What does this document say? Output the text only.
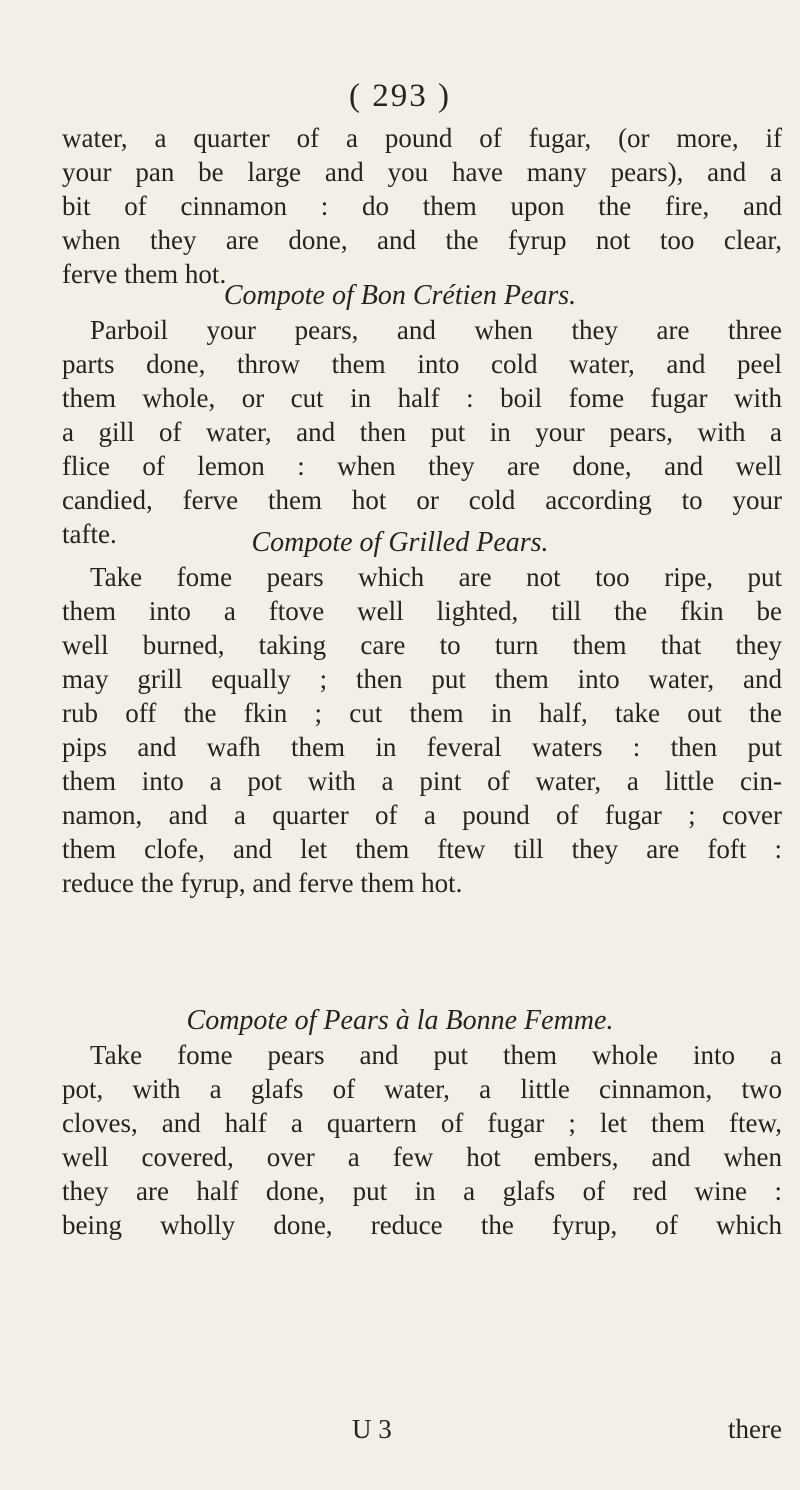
( 293 )
water, a quarter of a pound of fugar, (or more, if
your pan be large and you have many pears), and a
bit of cinnamon : do them upon the fire, and
when they are done, and the fyrup not too clear,
ferve them hot.
Compote of Bon Crétien Pears.
Parboil your pears, and when they are three
parts done, throw them into cold water, and peel
them whole, or cut in half : boil fome fugar with
a gill of water, and then put in your pears, with a
flice of lemon : when they are done, and well
candied, ferve them hot or cold according to your
tafte.	Compote of Grilled Pears.
Take fome pears which are not too ripe, put
them into a ftove well lighted, till the fkin be
well burned, taking care to turn them that they
may grill equally ; then put them into water, and
rub off the fkin ; cut them in half, take out the
pips and wafh them in feveral waters : then put
them into a pot with a pint of water, a little cin-
namon, and a quarter of a pound of fugar ; cover
them clofe, and let them ftew till they are foft :
reduce the fyrup, and ferve them hot.
Compote of Pears à la Bonne Femme.
Take fome pears and put them whole into a
pot, with a glafs of water, a little cinnamon, two
cloves, and half a quartern of fugar ; let them ftew,
well covered, over a few hot embers, and when
they are half done, put in a glafs of red wine :
being wholly done, reduce the fyrup, of which
U 3	there
